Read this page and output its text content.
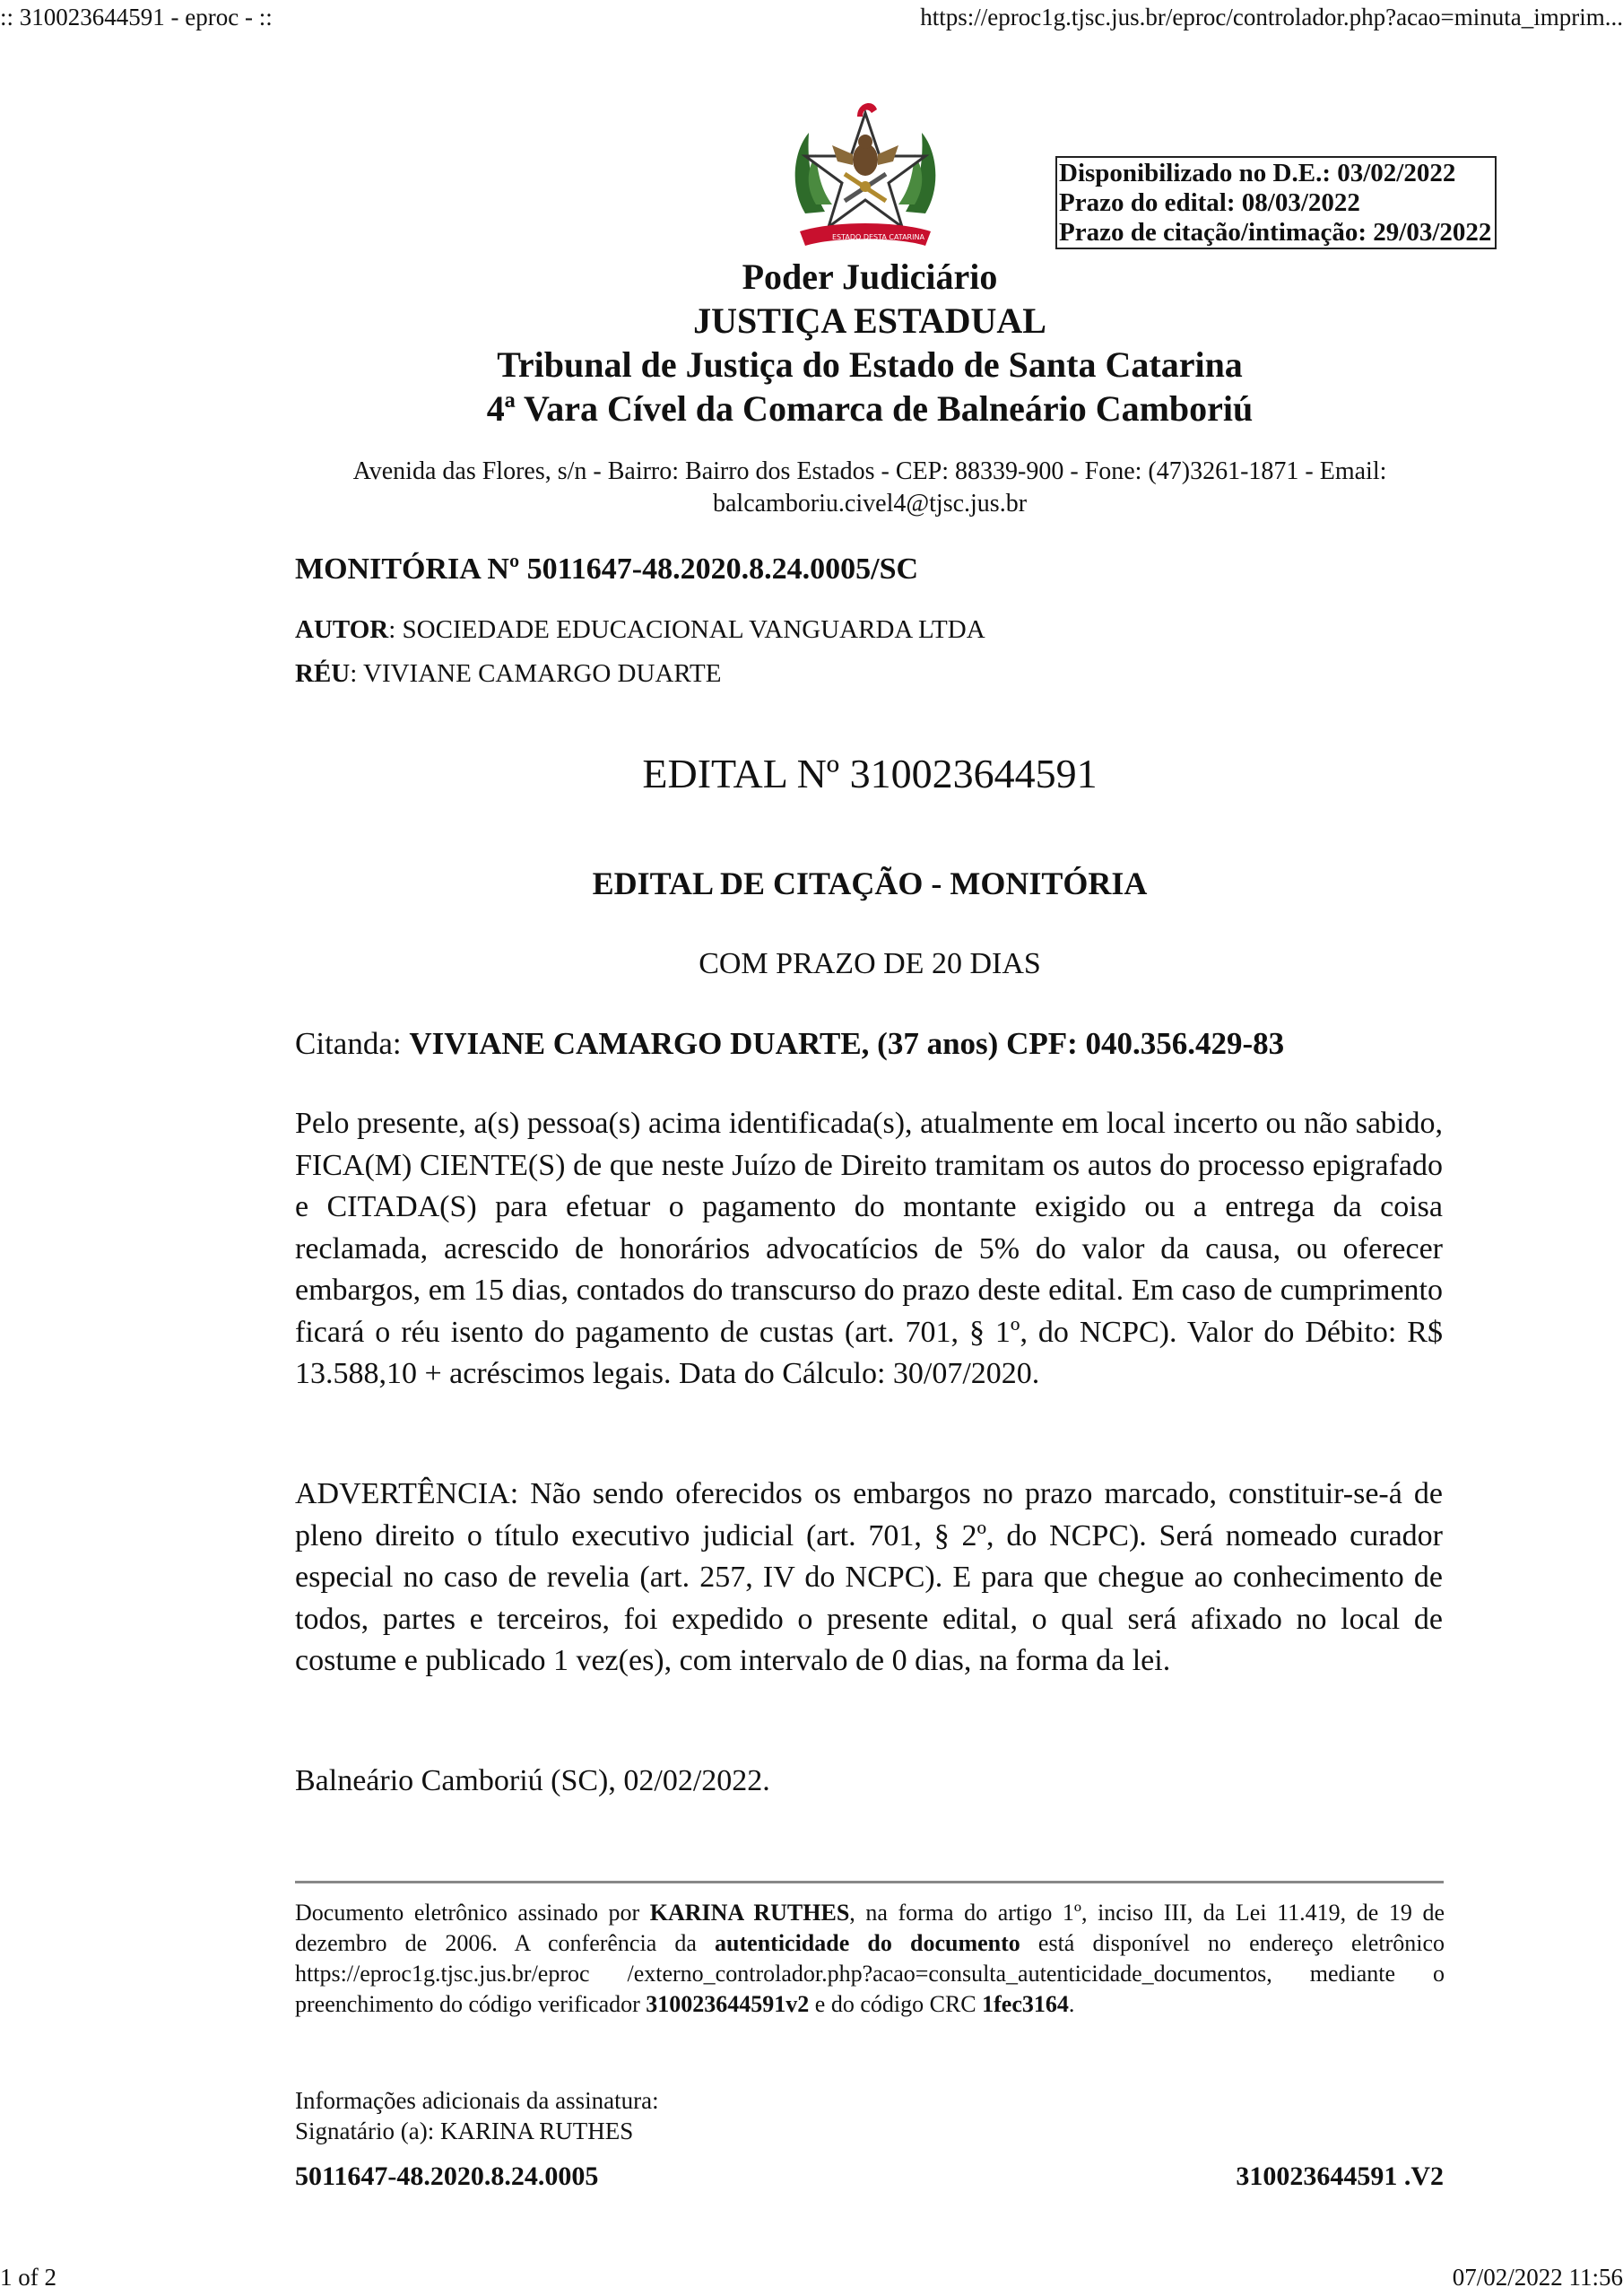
:: 310023644591 - eproc - ::	https://eproc1g.tjsc.jus.br/eproc/controlador.php?acao=minuta_imprim...
ESTADO DE STA CATARINA
Disponibilizado no D.E.: 03/02/2022
Prazo do edital: 08/03/2022
Prazo de citação/intimação: 29/03/2022
Poder Judiciário
JUSTIÇA ESTADUAL
Tribunal de Justiça do Estado de Santa Catarina
4ª Vara Cível da Comarca de Balneário Camboriú
Avenida das Flores, s/n - Bairro: Bairro dos Estados - CEP: 88339-900 - Fone: (47)3261-1871 - Email: balcamboriu.civel4@tjsc.jus.br
MONITÓRIA Nº 5011647-48.2020.8.24.0005/SC
AUTOR: SOCIEDADE EDUCACIONAL VANGUARDA LTDA
RÉU: VIVIANE CAMARGO DUARTE
EDITAL Nº 310023644591
EDITAL DE CITAÇÃO - MONITÓRIA
COM PRAZO DE 20 DIAS
Citanda: VIVIANE CAMARGO DUARTE, (37 anos) CPF: 040.356.429-83
Pelo presente, a(s) pessoa(s) acima identificada(s), atualmente em local incerto ou não sabido, FICA(M) CIENTE(S) de que neste Juízo de Direito tramitam os autos do processo epigrafado e CITADA(S) para efetuar o pagamento do montante exigido ou a entrega da coisa reclamada, acrescido de honorários advocatícios de 5% do valor da causa, ou oferecer embargos, em 15 dias, contados do transcurso do prazo deste edital. Em caso de cumprimento ficará o réu isento do pagamento de custas (art. 701, § 1º, do NCPC). Valor do Débito: R$ 13.588,10 + acréscimos legais. Data do Cálculo: 30/07/2020.
ADVERTÊNCIA: Não sendo oferecidos os embargos no prazo marcado, constituir-se-á de pleno direito o título executivo judicial (art. 701, § 2º, do NCPC). Será nomeado curador especial no caso de revelia (art. 257, IV do NCPC). E para que chegue ao conhecimento de todos, partes e terceiros, foi expedido o presente edital, o qual será afixado no local de costume e publicado 1 vez(es), com intervalo de 0 dias, na forma da lei.
Balneário Camboriú (SC), 02/02/2022.
Documento eletrônico assinado por KARINA RUTHES, na forma do artigo 1º, inciso III, da Lei 11.419, de 19 de dezembro de 2006. A conferência da autenticidade do documento está disponível no endereço eletrônico https://eproc1g.tjsc.jus.br/eproc /externo_controlador.php?acao=consulta_autenticidade_documentos, mediante o preenchimento do código verificador 310023644591v2 e do código CRC 1fec3164.
Informações adicionais da assinatura:
Signatário (a): KARINA RUTHES
5011647-48.2020.8.24.0005	310023644591 .V2
1 of 2	07/02/2022 11:56
